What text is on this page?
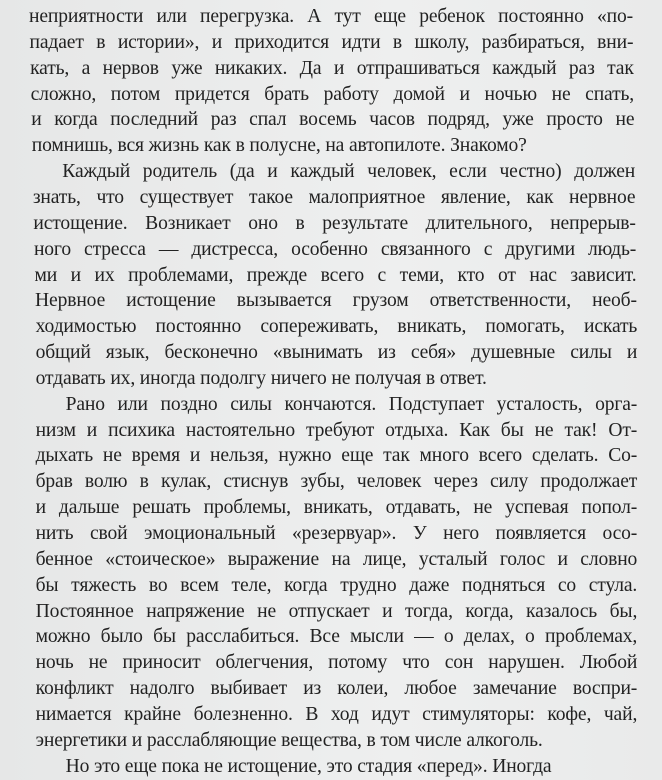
неприятности или перегрузка. А тут еще ребенок постоянно «по-
падает в истории», и приходится идти в школу, разбираться, вни-
кать, а нервов уже никаких. Да и отпрашиваться каждый раз так
сложно, потом придется брать работу домой и ночью не спать,
и когда последний раз спал восемь часов подряд, уже просто не
помнишь, вся жизнь как в полусне, на автопилоте. Знакомо?
Каждый родитель (да и каждый человек, если честно) должен
знать, что существует такое малоприятное явление, как нервное
истощение. Возникает оно в результате длительного, непрерыв-
ного стресса — дистресса, особенно связанного с другими людь-
ми и их проблемами, прежде всего с теми, кто от нас зависит.
Нервное истощение вызывается грузом ответственности, необ-
ходимостью постоянно сопереживать, вникать, помогать, искать
общий язык, бесконечно «вынимать из себя» душевные силы и
отдавать их, иногда подолгу ничего не получая в ответ.
Рано или поздно силы кончаются. Подступает усталость, орга-
низм и психика настоятельно требуют отдыха. Как бы не так! От-
дыхать не время и нельзя, нужно еще так много всего сделать. Со-
брав волю в кулак, стиснув зубы, человек через силу продолжает
и дальше решать проблемы, вникать, отдавать, не успевая попол-
нить свой эмоциональный «резервуар». У него появляется осо-
бенное «стоическое» выражение на лице, усталый голос и словно
бы тяжесть во всем теле, когда трудно даже подняться со стула.
Постоянное напряжение не отпускает и тогда, когда, казалось бы,
можно было бы расслабиться. Все мысли — о делах, о проблемах,
ночь не приносит облегчения, потому что сон нарушен. Любой
конфликт надолго выбивает из колеи, любое замечание воспри-
нимается крайне болезненно. В ход идут стимуляторы: кофе, чай,
энергетики и расслабляющие вещества, в том числе алкоголь.
Но это еще пока не истощение, это стадия «перед». Иногда
